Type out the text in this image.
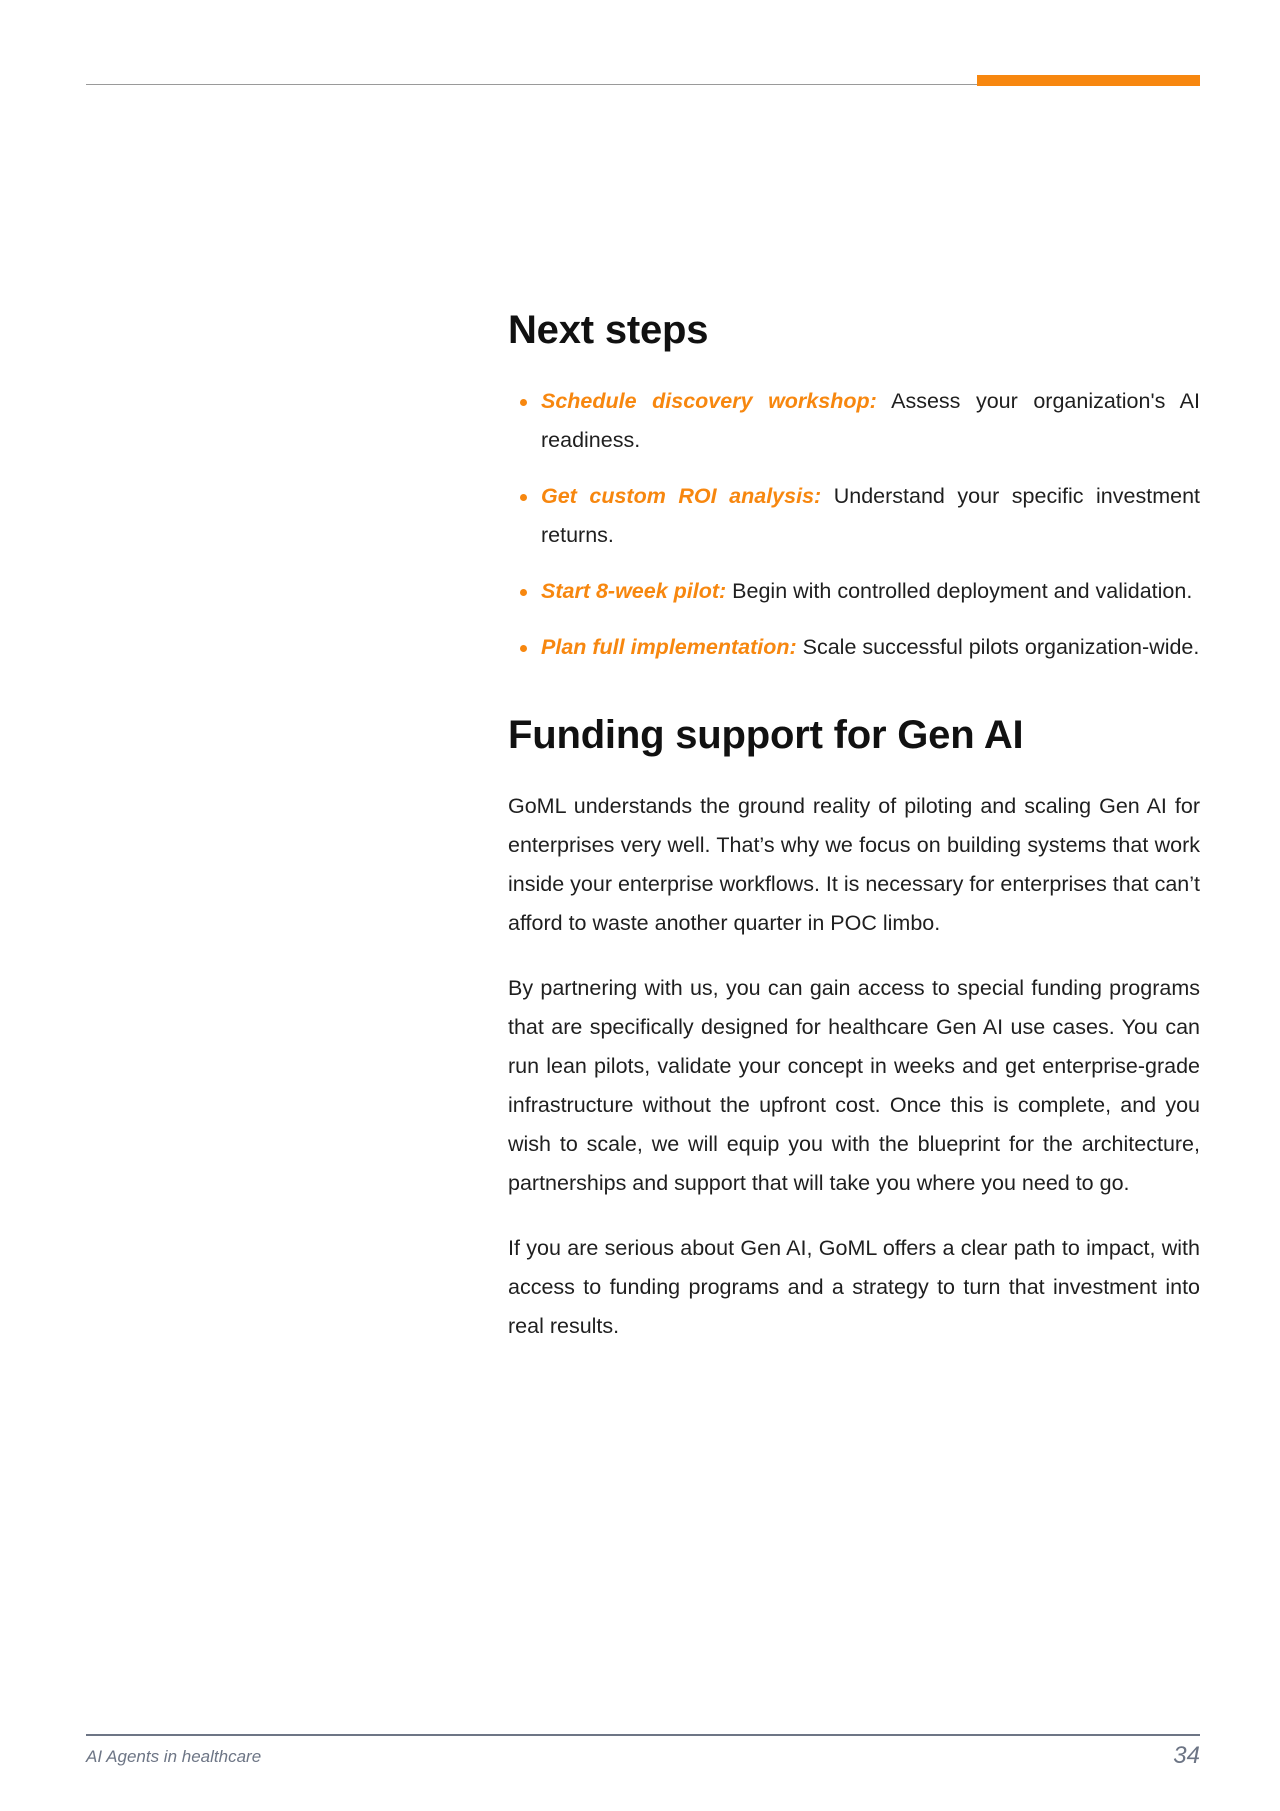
Next steps
Schedule discovery workshop: Assess your organization's AI readiness.
Get custom ROI analysis: Understand your specific investment returns.
Start 8-week pilot: Begin with controlled deployment and validation.
Plan full implementation: Scale successful pilots organization-wide.
Funding support for Gen AI

GoML understands the ground reality of piloting and scaling Gen AI for enterprises very well. That’s why we focus on building systems that work inside your enterprise workflows. It is necessary for enterprises that can’t afford to waste another quarter in POC limbo.

By partnering with us, you can gain access to special funding programs that are specifically designed for healthcare Gen AI use cases. You can run lean pilots, validate your concept in weeks and get enterprise-grade infrastructure without the upfront cost. Once this is complete, and you wish to scale, we will equip you with the blueprint for the architecture, partnerships and support that will take you where you need to go.

If you are serious about Gen AI, GoML offers a clear path to impact, with access to funding programs and a strategy to turn that investment into real results.

AI Agents in healthcare	34
